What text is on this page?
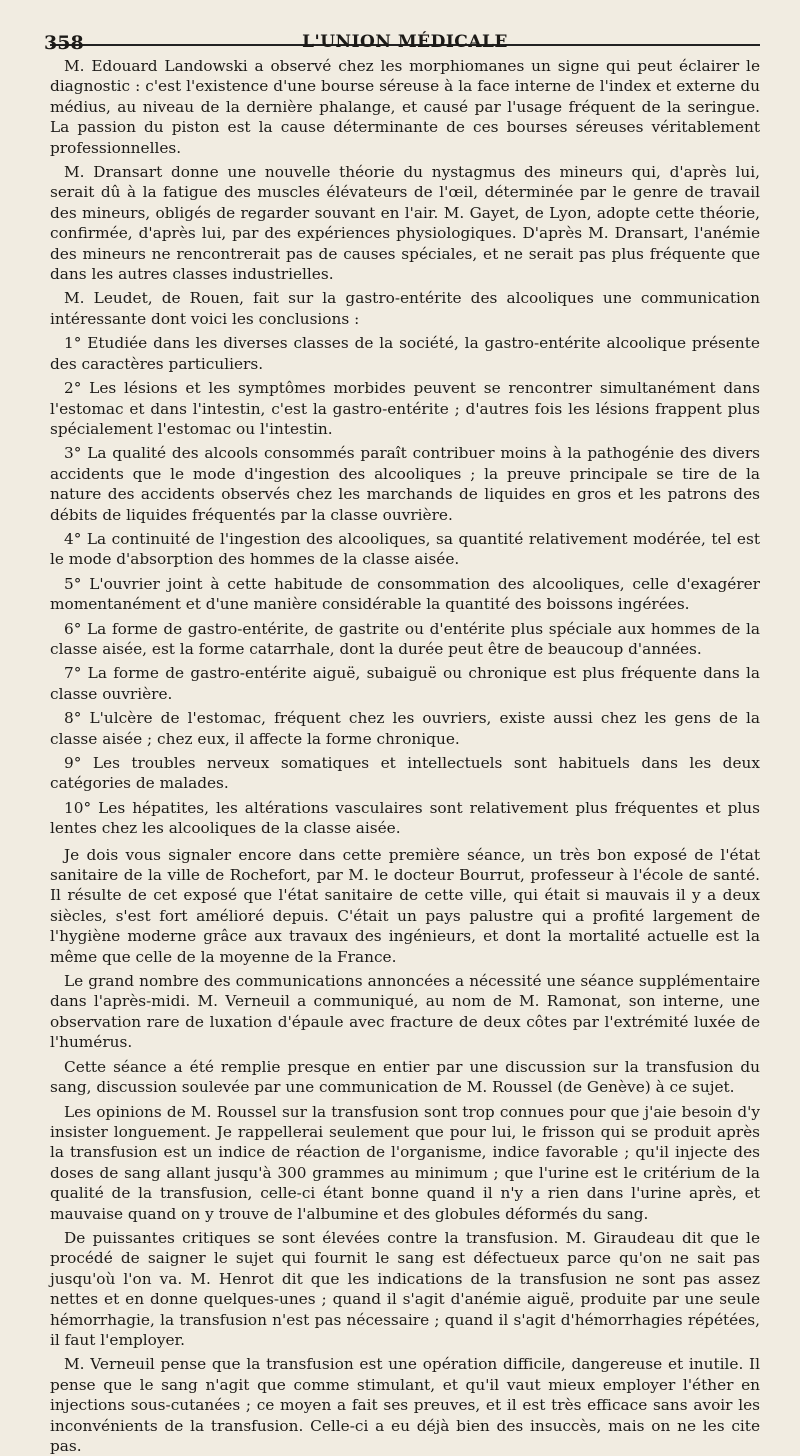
358	L'UNION MÉDICALE

M. Edouard Landowski a observé chez les morphiomanes un signe qui peut éclairer le diagnostic : c'est l'existence d'une bourse séreuse à la face interne de l'index et externe du médius, au niveau de la dernière phalange, et causé par l'usage fréquent de la seringue. La passion du piston est la cause déterminante de ces bourses séreuses véritablement professionnelles.

M. Dransart donne une nouvelle théorie du nystagmus des mineurs qui, d'après lui, serait dû à la fatigue des muscles élévateurs de l'œil, déterminée par le genre de travail des mineurs, obligés de regarder souvant en l'air. M. Gayet, de Lyon, adopte cette théorie, confirmée, d'après lui, par des expériences physiologiques. D'après M. Dransart, l'anémie des mineurs ne rencontrerait pas de causes spéciales, et ne serait pas plus fréquente que dans les autres classes industrielles.

M. Leudet, de Rouen, fait sur la gastro-entérite des alcooliques une communication intéressante dont voici les conclusions :

1° Etudiée dans les diverses classes de la société, la gastro-entérite alcoolique présente des caractères particuliers.

2° Les lésions et les symptômes morbides peuvent se rencontrer simultanément dans l'estomac et dans l'intestin, c'est la gastro-entérite ; d'autres fois les lésions frappent plus spécialement l'estomac ou l'intestin.

3° La qualité des alcools consommés paraît contribuer moins à la pathogénie des divers accidents que le mode d'ingestion des alcooliques ; la preuve principale se tire de la nature des accidents observés chez les marchands de liquides en gros et les patrons des débits de liquides fréquentés par la classe ouvrière.

4° La continuité de l'ingestion des alcooliques, sa quantité relativement modérée, tel est le mode d'absorption des hommes de la classe aisée.

5° L'ouvrier joint à cette habitude de consommation des alcooliques, celle d'exagérer momentanément et d'une manière considérable la quantité des boissons ingérées.

6° La forme de gastro-entérite, de gastrite ou d'entérite plus spéciale aux hommes de la classe aisée, est la forme catarrhale, dont la durée peut être de beaucoup d'années.

7° La forme de gastro-entérite aiguë, subaiguë ou chronique est plus fréquente dans la classe ouvrière.

8° L'ulcère de l'estomac, fréquent chez les ouvriers, existe aussi chez les gens de la classe aisée ; chez eux, il affecte la forme chronique.

9° Les troubles nerveux somatiques et intellectuels sont habituels dans les deux catégories de malades.

10° Les hépatites, les altérations vasculaires sont relativement plus fréquentes et plus lentes chez les alcooliques de la classe aisée.

Je dois vous signaler encore dans cette première séance, un très bon exposé de l'état sanitaire de la ville de Rochefort, par M. le docteur Bourrut, professeur à l'école de santé. Il résulte de cet exposé que l'état sanitaire de cette ville, qui était si mauvais il y a deux siècles, s'est fort amélioré depuis. C'était un pays palustre qui a profité largement de l'hygiène moderne grâce aux travaux des ingénieurs, et dont la mortalité actuelle est la même que celle de la moyenne de la France.

Le grand nombre des communications annoncées a nécessité une séance supplémentaire dans l'après-midi. M. Verneuil a communiqué, au nom de M. Ramonat, son interne, une observation rare de luxation d'épaule avec fracture de deux côtes par l'extrémité luxée de l'humérus.

Cette séance a été remplie presque en entier par une discussion sur la transfusion du sang, discussion soulevée par une communication de M. Roussel (de Genève) à ce sujet.

Les opinions de M. Roussel sur la transfusion sont trop connues pour que j'aie besoin d'y insister longuement. Je rappellerai seulement que pour lui, le frisson qui se produit après la transfusion est un indice de réaction de l'organisme, indice favorable ; qu'il injecte des doses de sang allant jusqu'à 300 grammes au minimum ; que l'urine est le critérium de la qualité de la transfusion, celle-ci étant bonne quand il n'y a rien dans l'urine après, et mauvaise quand on y trouve de l'albumine et des globules déformés du sang.

De puissantes critiques se sont élevées contre la transfusion. M. Giraudeau dit que le procédé de saigner le sujet qui fournit le sang est défectueux parce qu'on ne sait pas jusqu'où l'on va. M. Henrot dit que les indications de la transfusion ne sont pas assez nettes et en donne quelques-unes ; quand il s'agit d'anémie aiguë, produite par une seule hémorrhagie, la transfusion n'est pas nécessaire ; quand il s'agit d'hémorrhagies répétées, il faut l'employer.

M. Verneuil pense que la transfusion est une opération difficile, dangereuse et inutile. Il pense que le sang n'agit que comme stimulant, et qu'il vaut mieux employer l'éther en injections sous-cutanées ; ce moyen a fait ses preuves, et il est très efficace sans avoir les inconvénients de la transfusion. Celle-ci a eu déjà bien des insuccès, mais on ne les cite pas.
